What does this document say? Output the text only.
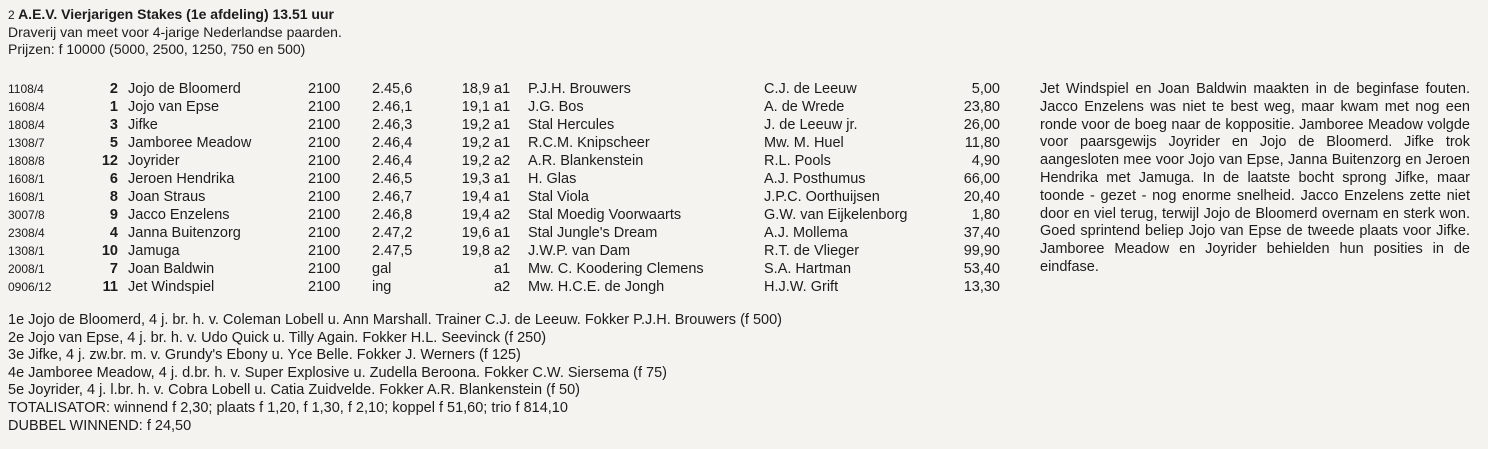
2 A.E.V. Vierjarigen Stakes (1e afdeling) 13.51 uur
Draverij van meet voor 4-jarige Nederlandse paarden.
Prijzen: f 10000 (5000, 2500, 1250, 750 en 500)
1108/4	2	Jojo de Bloomerd	2100	2.45,6	18,9	a1	P.J.H. Brouwers	C.J. de Leeuw	5,00
1608/4	1	Jojo van Epse	2100	2.46,1	19,1	a1	J.G. Bos	A. de Wrede	23,80
1808/4	3	Jifke	2100	2.46,3	19,2	a1	Stal Hercules	J. de Leeuw jr.	26,00
1308/7	5	Jamboree Meadow	2100	2.46,4	19,2	a1	R.C.M. Knipscheer	Mw. M. Huel	11,80
1808/8	12	Joyrider	2100	2.46,4	19,2	a2	A.R. Blankenstein	R.L. Pools	4,90
1608/1	6	Jeroen Hendrika	2100	2.46,5	19,3	a1	H. Glas	A.J. Posthumus	66,00
1608/1	8	Joan Straus	2100	2.46,7	19,4	a1	Stal Viola	J.P.C. Oorthuijsen	20,40
3007/8	9	Jacco Enzelens	2100	2.46,8	19,4	a2	Stal Moedig Voorwaarts	G.W. van Eijkelenborg	1,80
2308/4	4	Janna Buitenzorg	2100	2.47,2	19,6	a1	Stal Jungle's Dream	A.J. Mollema	37,40
1308/1	10	Jamuga	2100	2.47,5	19,8	a2	J.W.P. van Dam	R.T. de Vlieger	99,90
2008/1	7	Joan Baldwin	2100	gal		a1	Mw. C. Koodering Clemens	S.A. Hartman	53,40
0906/12	11	Jet Windspiel	2100	ing		a2	Mw. H.C.E. de Jongh	H.J.W. Grift	13,30
Jet Windspiel en Joan Baldwin maakten in de beginfase fouten. Jacco Enzelens was niet te best weg, maar kwam met nog een ronde voor de boeg naar de koppositie. Jamboree Meadow volgde voor paarsgewijs Joyrider en Jojo de Bloomerd. Jifke trok aangesloten mee voor Jojo van Epse, Janna Buitenzorg en Jeroen Hendrika met Jamuga. In de laatste bocht sprong Jifke, maar toonde - gezet - nog enorme snelheid. Jacco Enzelens zette niet door en viel terug, terwijl Jojo de Bloomerd overnam en sterk won. Goed sprintend beliep Jojo van Epse de tweede plaats voor Jifke. Jamboree Meadow en Joyrider behielden hun posities in de eindfase.
1e Jojo de Bloomerd, 4 j. br. h. v. Coleman Lobell u. Ann Marshall. Trainer C.J. de Leeuw. Fokker P.J.H. Brouwers (f 500)
2e Jojo van Epse, 4 j. br. h. v. Udo Quick u. Tilly Again. Fokker H.L. Seevinck (f 250)
3e Jifke, 4 j. zw.br. m. v. Grundy's Ebony u. Yce Belle. Fokker J. Werners (f 125)
4e Jamboree Meadow, 4 j. d.br. h. v. Super Explosive u. Zudella Beroona. Fokker C.W. Siersema (f 75)
5e Joyrider, 4 j. l.br. h. v. Cobra Lobell u. Catia Zuidvelde. Fokker A.R. Blankenstein (f 50)
TOTALISATOR: winnend f 2,30; plaats f 1,20, f 1,30, f 2,10; koppel f 51,60; trio f 814,10
DUBBEL WINNEND: f 24,50
